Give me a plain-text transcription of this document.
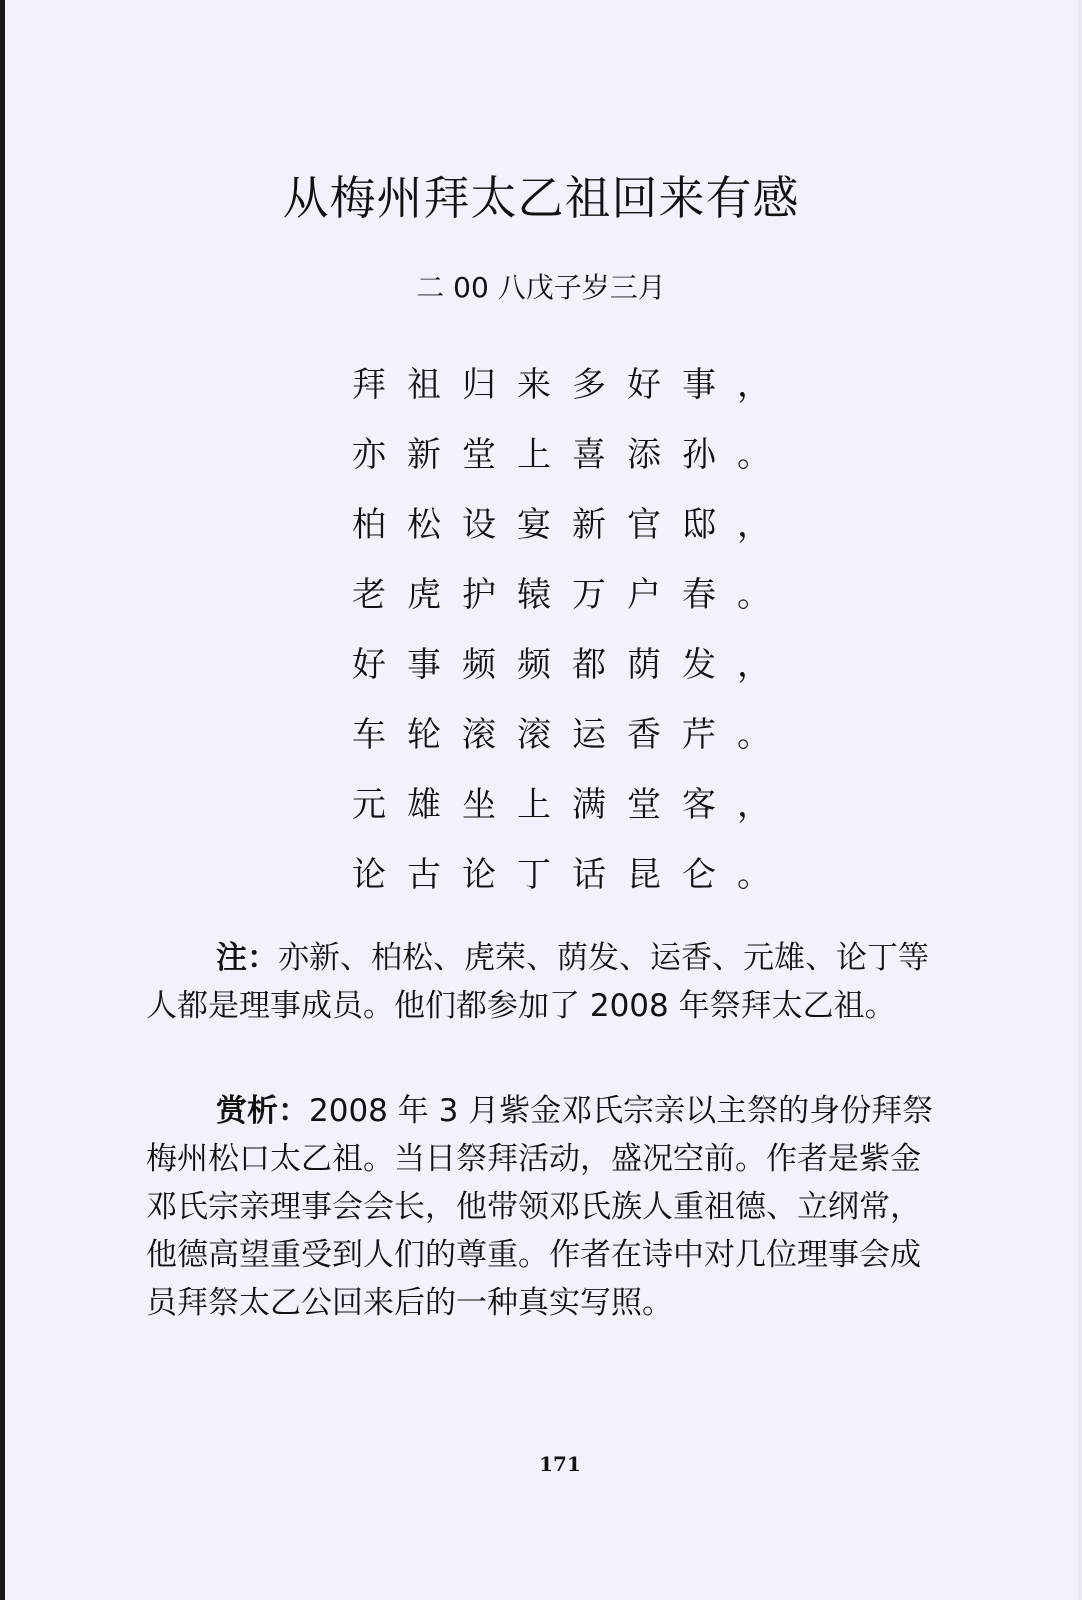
从梅州拜太乙祖回来有感
二 00 八戊子岁三月
拜祖归来多好事，
亦新堂上喜添孙。
柏松设宴新官邸，
老虎护辕万户春。
好事频频都荫发，
车轮滚滚运香芹。
元雄坐上满堂客，
论古论丁话昆仑。

注：亦新、柏松、虎荣、荫发、运香、元雄、论丁等人都是理事成员。他们都参加了 2008 年祭拜太乙祖。

赏析：2008 年 3 月紫金邓氏宗亲以主祭的身份拜祭梅州松口太乙祖。当日祭拜活动，盛况空前。作者是紫金邓氏宗亲理事会会长，他带领邓氏族人重祖德、立纲常，他德高望重受到人们的尊重。作者在诗中对几位理事会成员拜祭太乙公回来后的一种真实写照。

171
